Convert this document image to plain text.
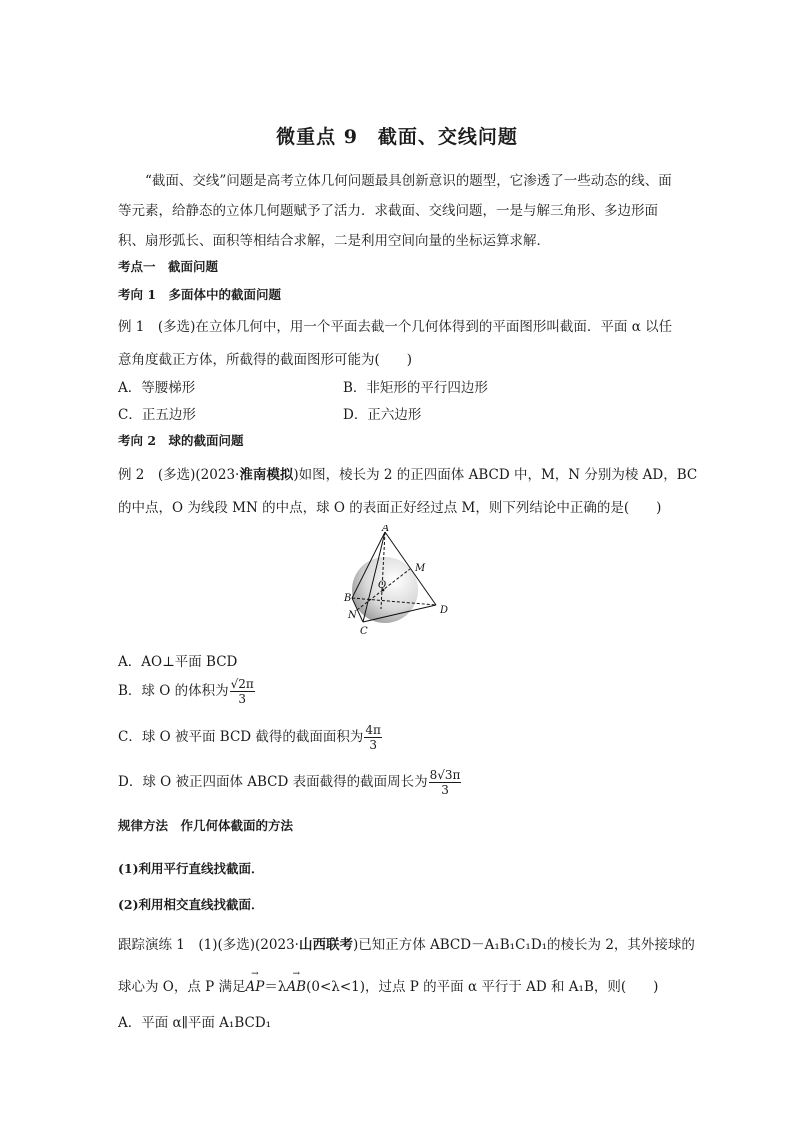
微重点 9　截面、交线问题
“截面、交线”问题是高考立体几何问题最具创新意识的题型，它渗透了一些动态的线、面等元素，给静态的立体几何题赋予了活力．求截面、交线问题，一是与解三角形、多边形面积、扇形弧长、面积等相结合求解，二是利用空间向量的坐标运算求解．
考点一　截面问题
考向 1　多面体中的截面问题
例 1　(多选)在立体几何中，用一个平面去截一个几何体得到的平面图形叫截面．平面 α 以任
意角度截正方体，所截得的截面图形可能为(　　)
A．等腰梯形	B．非矩形的平行四边形
C．正五边形	D．正六边形
考向 2　球的截面问题
例 2　(多选)(2023·淮南模拟)如图，棱长为 2 的正四面体 ABCD 中，M，N 分别为棱 AD，BC
的中点，O 为线段 MN 的中点，球 O 的表面正好经过点 M，则下列结论中正确的是(　　)
A
M
O
B
D
N
C
A．AO⊥平面 BCD
B．球 O 的体积为 $\frac{√2\pi}{3}$
C．球 O 被平面 BCD 截得的截面面积为 $\frac{4\pi}{3}$
D．球 O 被正四面体 ABCD 表面截得的截面周长为 $\frac{8√3\pi}{3}$
规律方法　作几何体截面的方法
(1)利用平行直线找截面．
(2)利用相交直线找截面．
跟踪演练 1　(1)(多选)(2023·山西联考)已知正方体 ABCD－A₁B₁C₁D₁的棱长为 2，其外接球的
球心为 O，点 P 满足→ AP＝λ→ AB(0<λ<1)，过点 P 的平面 α 平行于 AD 和 A₁B，则(　　)
A．平面 α∥平面 A₁BCD₁
